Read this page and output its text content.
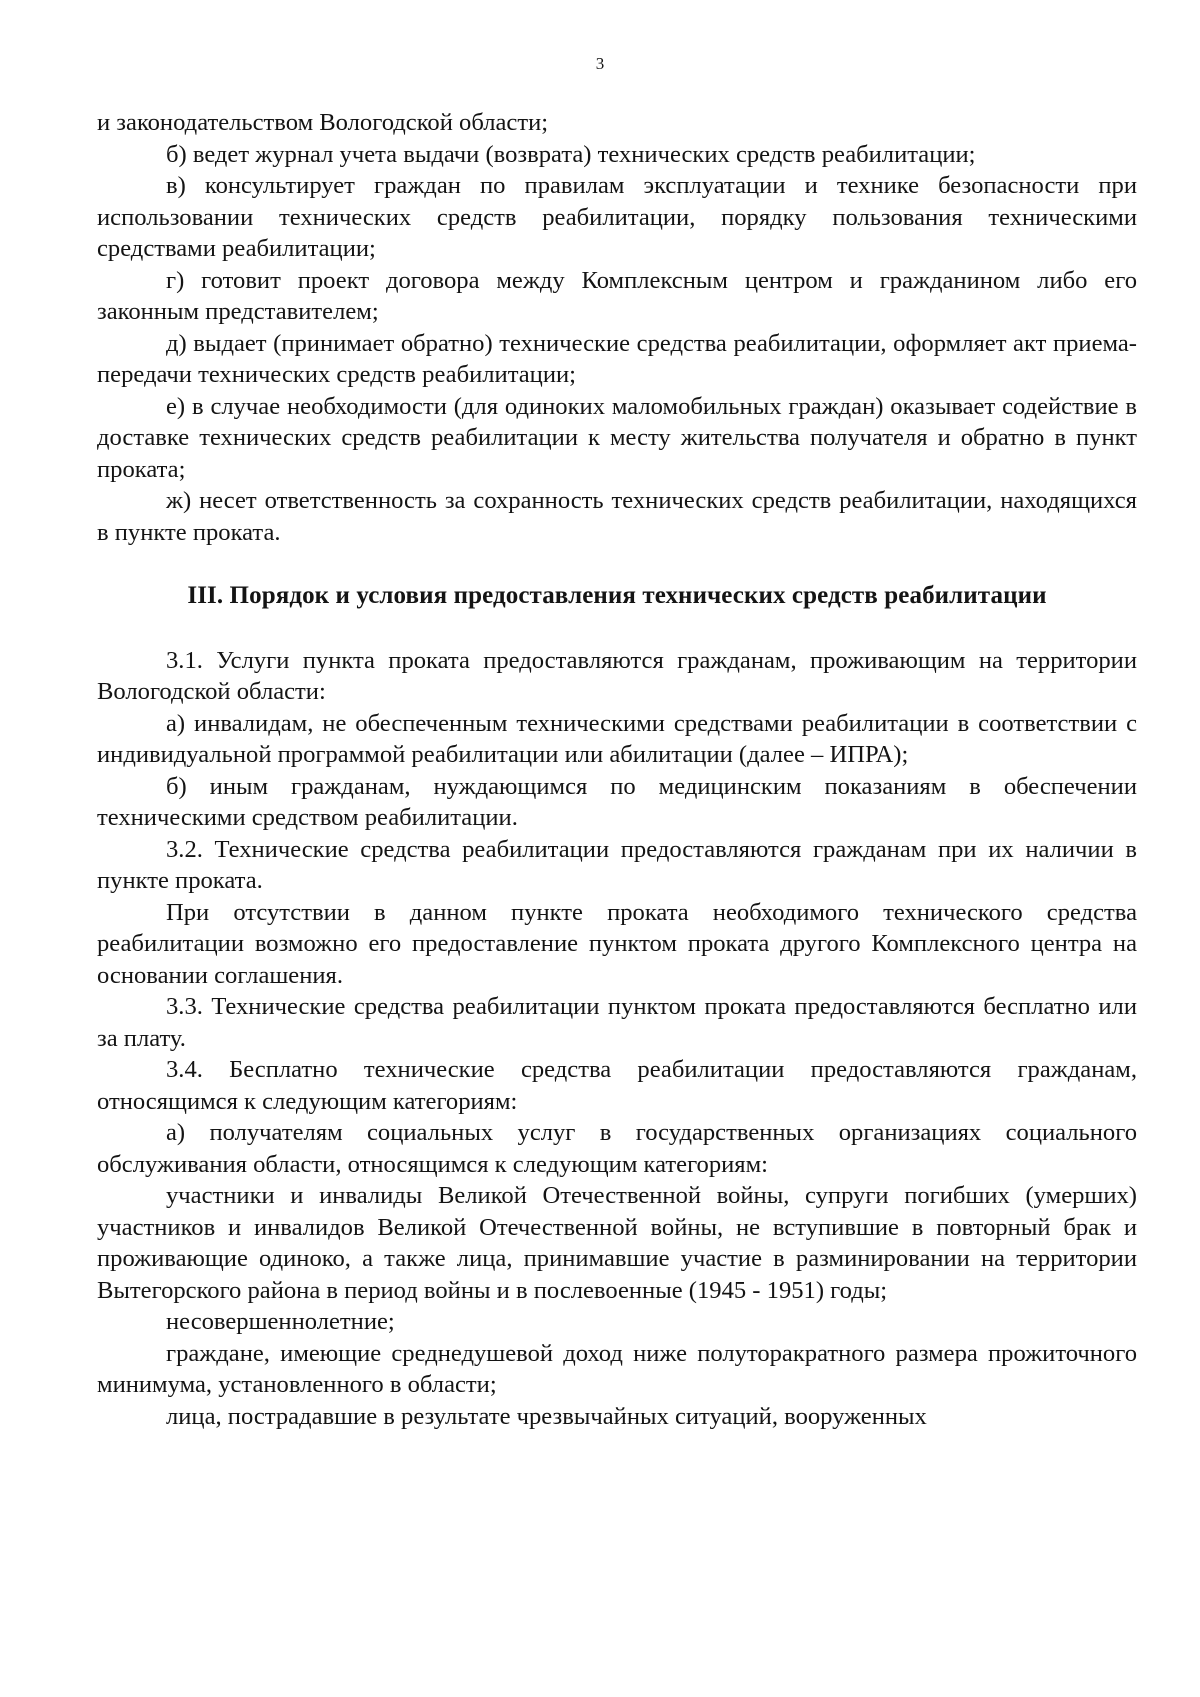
3

и законодательством Вологодской области;

б) ведет журнал учета выдачи (возврата) технических средств реабилитации;

в) консультирует граждан по правилам эксплуатации и технике безопасности при использовании технических средств реабилитации, порядку пользования техническими средствами реабилитации;

г) готовит проект договора между Комплексным центром и гражданином либо его законным представителем;

д) выдает (принимает обратно) технические средства реабилитации, оформляет акт приема-передачи технических средств реабилитации;

е) в случае необходимости (для одиноких маломобильных граждан) оказывает содействие в доставке технических средств реабилитации к месту жительства получателя и обратно в пункт проката;

ж) несет ответственность за сохранность технических средств реабилитации, находящихся в пункте проката.

III. Порядок и условия предоставления технических средств реабилитации

3.1. Услуги пункта проката предоставляются гражданам, проживающим на территории Вологодской области:

а) инвалидам, не обеспеченным техническими средствами реабилитации в соответствии с индивидуальной программой реабилитации или абилитации (далее – ИПРА);

б) иным гражданам, нуждающимся по медицинским показаниям в обеспечении техническими средством реабилитации.

3.2. Технические средства реабилитации предоставляются гражданам при их наличии в пункте проката.

При отсутствии в данном пункте проката необходимого технического средства реабилитации возможно его предоставление пунктом проката другого Комплексного центра на основании соглашения.

3.3. Технические средства реабилитации пунктом проката предоставляются бесплатно или за плату.

3.4. Бесплатно технические средства реабилитации предоставляются гражданам, относящимся к следующим категориям:

а) получателям социальных услуг в государственных организациях социального обслуживания области, относящимся к следующим категориям:

участники и инвалиды Великой Отечественной войны, супруги погибших (умерших) участников и инвалидов Великой Отечественной войны, не вступившие в повторный брак и проживающие одиноко, а также лица, принимавшие участие в разминировании на территории Вытегорского района в период войны и в послевоенные (1945 - 1951) годы;

несовершеннолетние;

граждане, имеющие среднедушевой доход ниже полуторакратного размера прожиточного минимума, установленного в области;

лица, пострадавшие в результате чрезвычайных ситуаций, вооруженных
